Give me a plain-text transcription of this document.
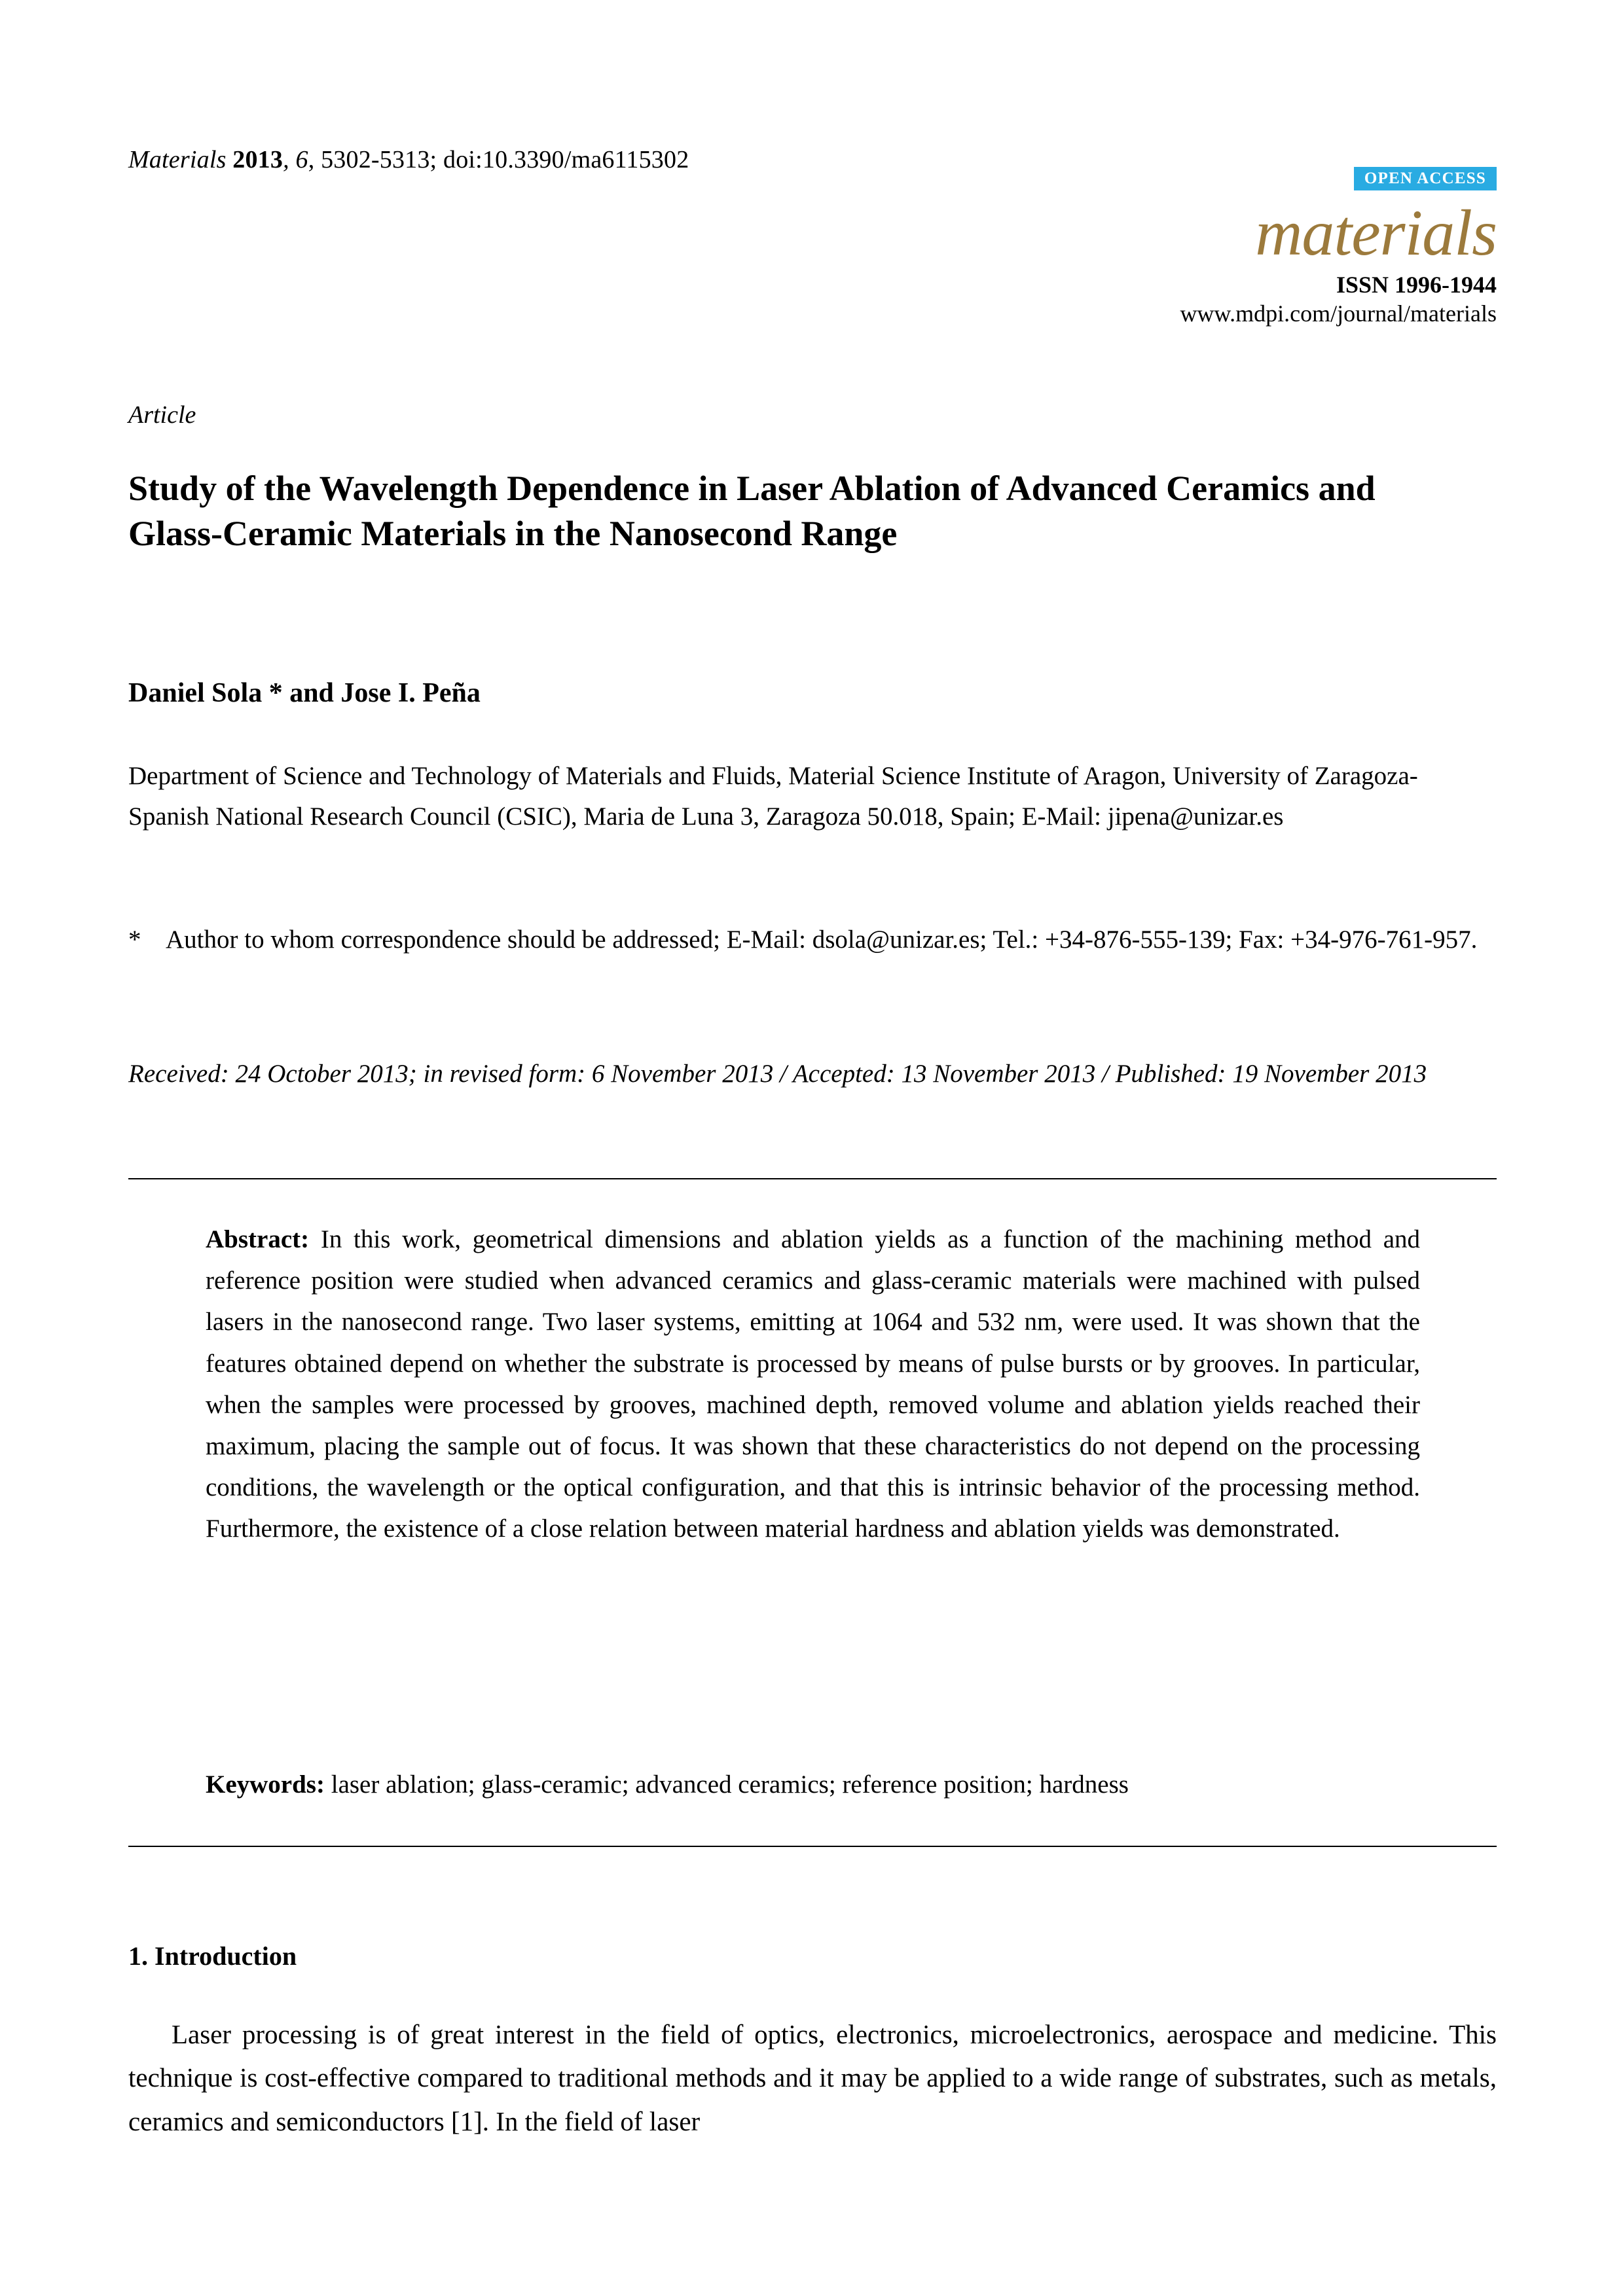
Materials 2013, 6, 5302-5313; doi:10.3390/ma6115302
OPEN ACCESS
materials
ISSN 1996-1944
www.mdpi.com/journal/materials
Article
Study of the Wavelength Dependence in Laser Ablation of Advanced Ceramics and Glass-Ceramic Materials in the Nanosecond Range
Daniel Sola * and Jose I. Peña
Department of Science and Technology of Materials and Fluids, Material Science Institute of Aragon, University of Zaragoza-Spanish National Research Council (CSIC), Maria de Luna 3, Zaragoza 50.018, Spain; E-Mail: jipena@unizar.es
* Author to whom correspondence should be addressed; E-Mail: dsola@unizar.es; Tel.: +34-876-555-139; Fax: +34-976-761-957.
Received: 24 October 2013; in revised form: 6 November 2013 / Accepted: 13 November 2013 / Published: 19 November 2013
Abstract: In this work, geometrical dimensions and ablation yields as a function of the machining method and reference position were studied when advanced ceramics and glass-ceramic materials were machined with pulsed lasers in the nanosecond range. Two laser systems, emitting at 1064 and 532 nm, were used. It was shown that the features obtained depend on whether the substrate is processed by means of pulse bursts or by grooves. In particular, when the samples were processed by grooves, machined depth, removed volume and ablation yields reached their maximum, placing the sample out of focus. It was shown that these characteristics do not depend on the processing conditions, the wavelength or the optical configuration, and that this is intrinsic behavior of the processing method. Furthermore, the existence of a close relation between material hardness and ablation yields was demonstrated.
Keywords: laser ablation; glass-ceramic; advanced ceramics; reference position; hardness
1. Introduction
Laser processing is of great interest in the field of optics, electronics, microelectronics, aerospace and medicine. This technique is cost-effective compared to traditional methods and it may be applied to a wide range of substrates, such as metals, ceramics and semiconductors [1]. In the field of laser
